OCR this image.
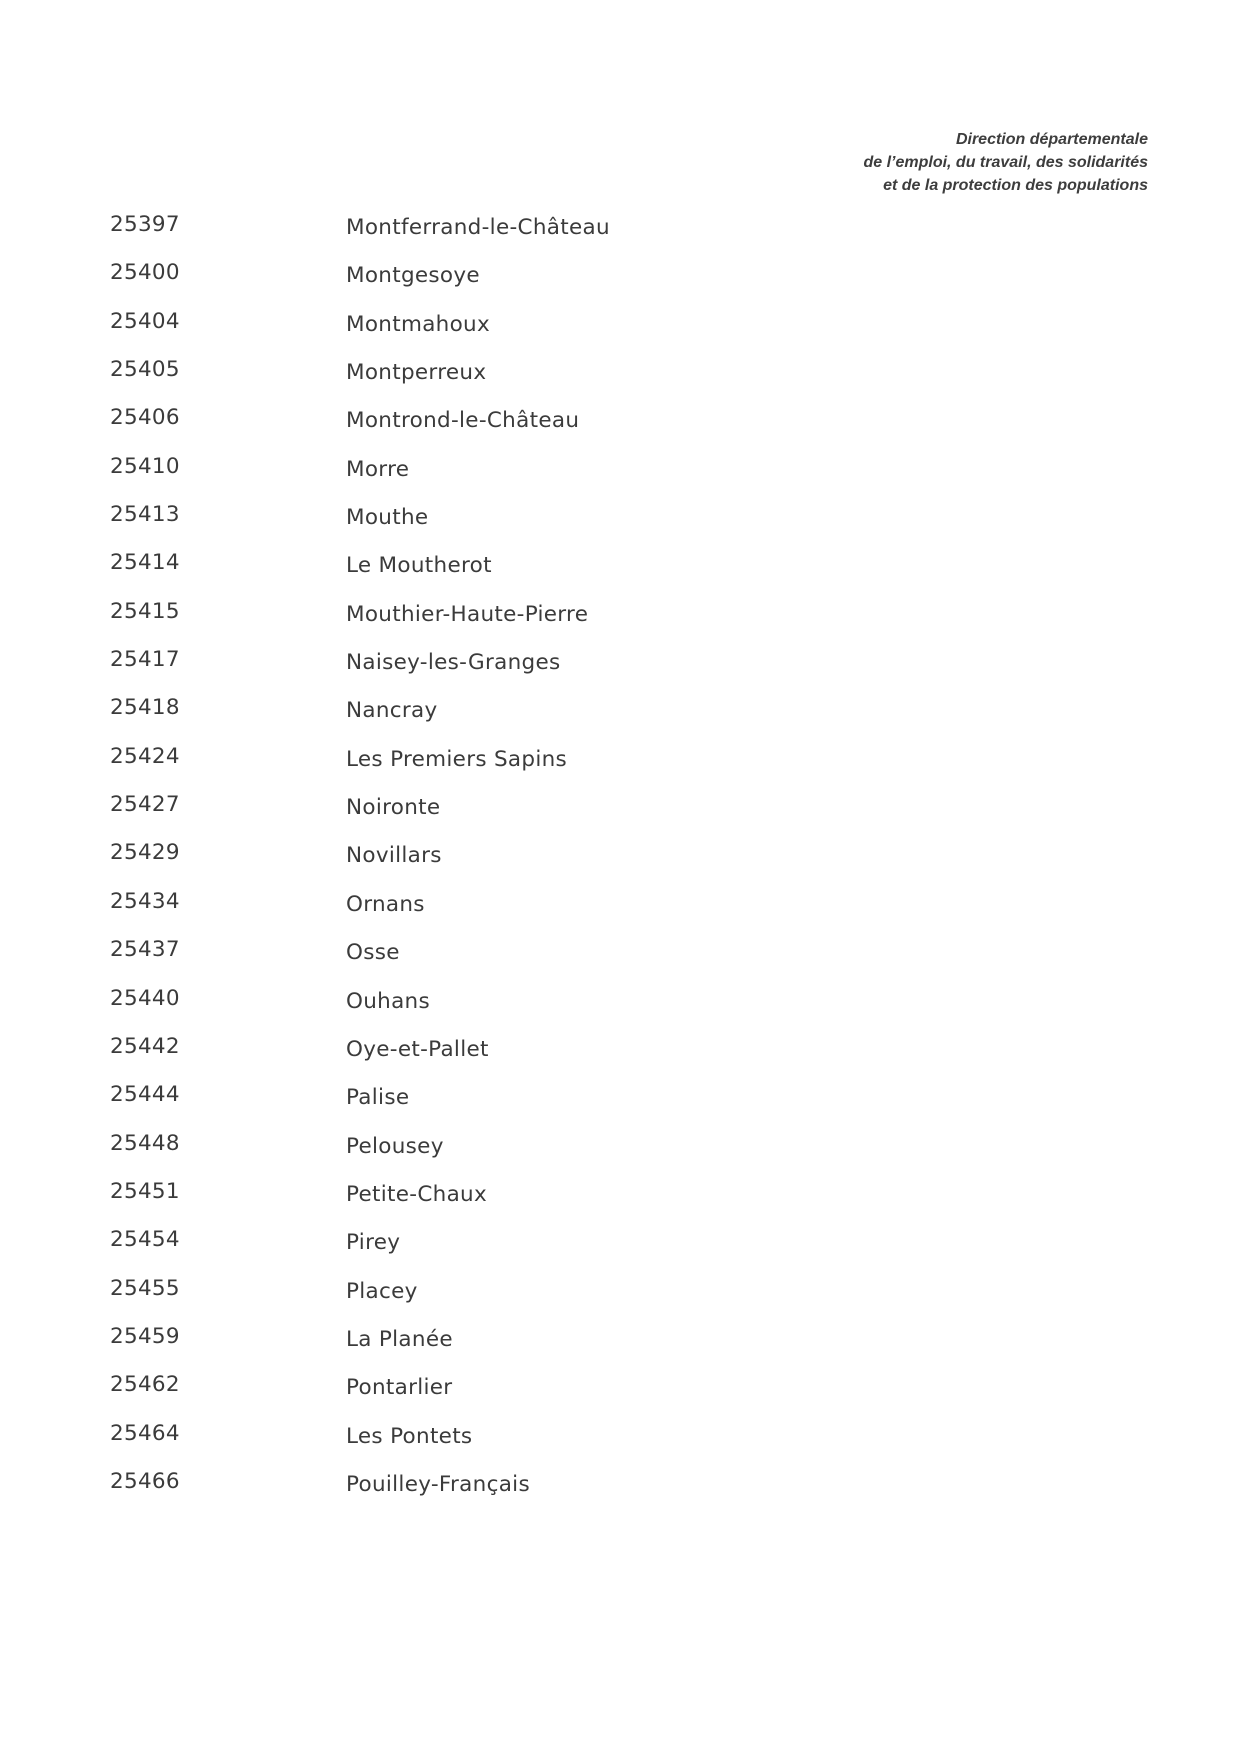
Direction départementale
de l’emploi, du travail, des solidarités
et de la protection des populations
25397	Montferrand-le-Château
25400	Montgesoye
25404	Montmahoux
25405	Montperreux
25406	Montrond-le-Château
25410	Morre
25413	Mouthe
25414	Le Moutherot
25415	Mouthier-Haute-Pierre
25417	Naisey-les-Granges
25418	Nancray
25424	Les Premiers Sapins
25427	Noironte
25429	Novillars
25434	Ornans
25437	Osse
25440	Ouhans
25442	Oye-et-Pallet
25444	Palise
25448	Pelousey
25451	Petite-Chaux
25454	Pirey
25455	Placey
25459	La Planée
25462	Pontarlier
25464	Les Pontets
25466	Pouilley-Français
